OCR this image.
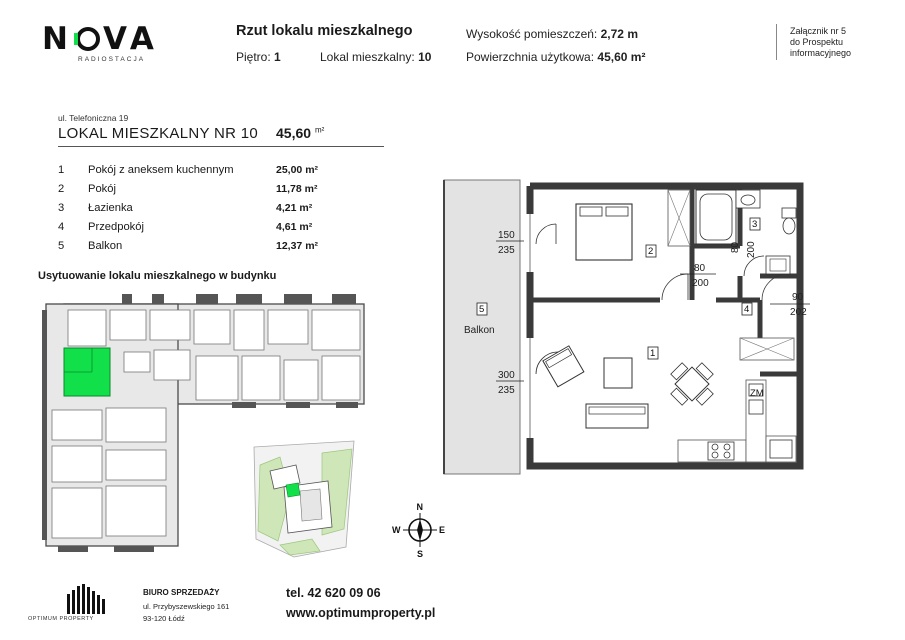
N VA
RADIOSTACJA
Rzut lokalu mieszkalnego
Piętro: 1	Lokal mieszkalny: 10
Wysokość pomieszczeń: 2,72 m
Powierzchnia użytkowa: 45,60 m²
Załącznik nr 5
do Prospektu
informacyjnego
ul. Telefoniczna 19
LOKAL MIESZKALNY NR 10 45,60 $^{m^2}$
1	Pokój z aneksem kuchennym	25,00 m²
2	Pokój	11,78 m²
3	Łazienka	4,21 m²
4	Przedpokój	4,61 m²
5	Balkon	12,37 m²
Usytuowanie lokalu mieszkalnego w budynku
N
S
E
W
ZM
1
2
3
4
5
Balkon
150
235
300
235
80
200
80 200
90
202
OPTIMUM PROPERTY
BIURO SPRZEDAŻY
ul. Przybyszewskiego 161
93-120 Łódź
tel. 42 620 09 06
www.optimumproperty.pl
